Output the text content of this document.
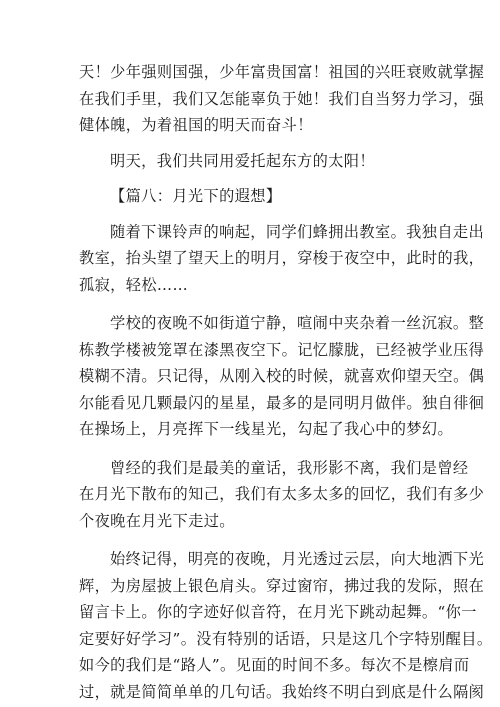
天！少年强则国强，少年富贵国富！祖国的兴旺衰败就掌握
在我们手里，我们又怎能辜负于她！我们自当努力学习，强
健体魄，为着祖国的明天而奋斗！

明天，我们共同用爱托起东方的太阳！

【篇八：月光下的遐想】

随着下课铃声的响起，同学们蜂拥出教室。我独自走出
教室，抬头望了望天上的明月，穿梭于夜空中，此时的我，
孤寂，轻松……

学校的夜晚不如街道宁静，喧闹中夹杂着一丝沉寂。整
栋教学楼被笼罩在漆黑夜空下。记忆朦胧，已经被学业压得
模糊不清。只记得，从刚入校的时候，就喜欢仰望天空。偶
尔能看见几颗最闪的星星，最多的是同明月做伴。独自徘徊
在操场上，月亮挥下一线星光，勾起了我心中的梦幻。

曾经的我们是最美的童话，我形影不离，我们是曾经
在月光下散布的知己，我们有太多太多的回忆，我们有多少
个夜晚在月光下走过。

始终记得，明亮的夜晚，月光透过云层，向大地洒下光
辉，为房屋披上银色肩头。穿过窗帘，拂过我的发际，照在
留言卡上。你的字迹好似音符，在月光下跳动起舞。“你一
定要好好学习”。没有特别的话语，只是这几个字特别醒目。
如今的我们是“路人”。见面的时间不多。每次不是檫肩而
过，就是简简单单的几句话。我始终不明白到底是什么隔阂
